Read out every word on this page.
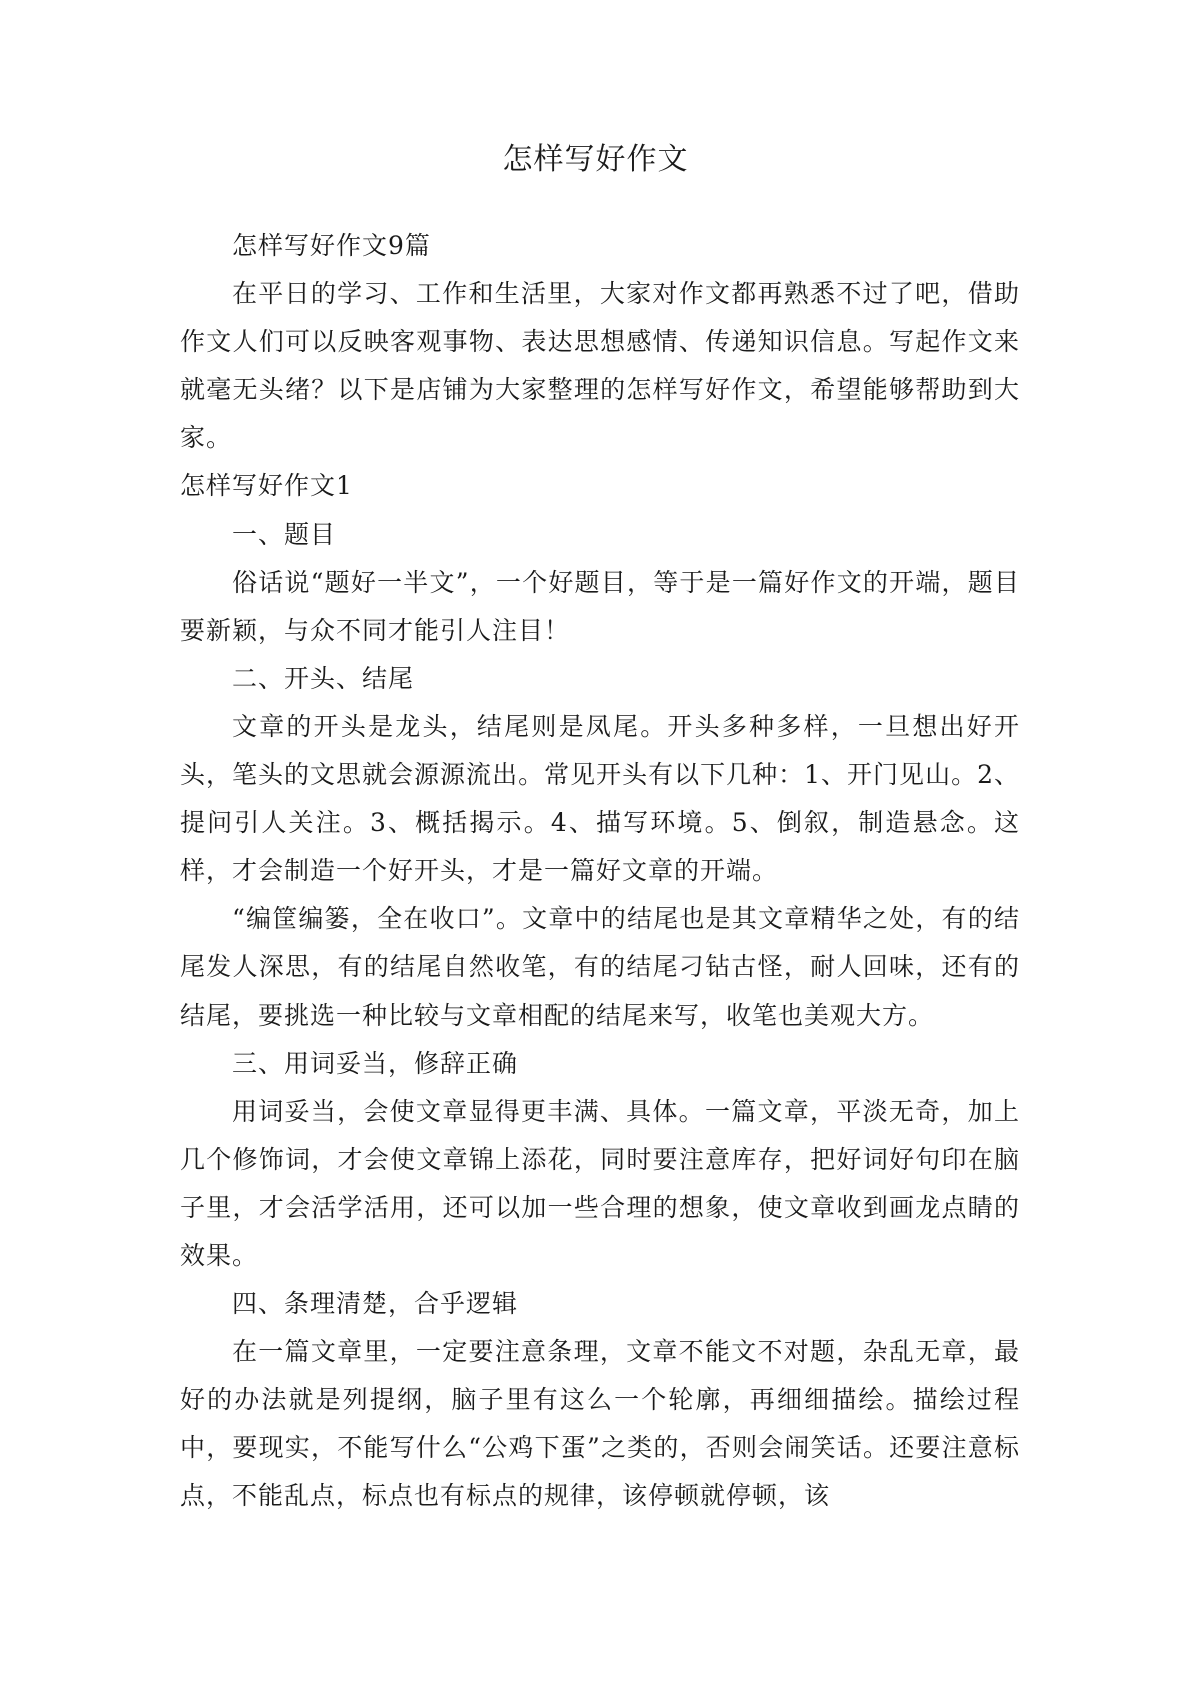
怎样写好作文

怎样写好作文9篇

在平日的学习、工作和生活里，大家对作文都再熟悉不过了吧，借助作文人们可以反映客观事物、表达思想感情、传递知识信息。写起作文来就毫无头绪？以下是店铺为大家整理的怎样写好作文，希望能够帮助到大家。

怎样写好作文1

一、题目

俗话说“题好一半文”，一个好题目，等于是一篇好作文的开端，题目要新颖，与众不同才能引人注目！

二、开头、结尾

文章的开头是龙头，结尾则是凤尾。开头多种多样，一旦想出好开头，笔头的文思就会源源流出。常见开头有以下几种：1、开门见山。2、提问引人关注。3、概括揭示。4、描写环境。5、倒叙，制造悬念。这样，才会制造一个好开头，才是一篇好文章的开端。

“编筐编篓，全在收口”。文章中的结尾也是其文章精华之处，有的结尾发人深思，有的结尾自然收笔，有的结尾刁钻古怪，耐人回味，还有的结尾，要挑选一种比较与文章相配的结尾来写，收笔也美观大方。

三、用词妥当，修辞正确

用词妥当，会使文章显得更丰满、具体。一篇文章，平淡无奇，加上几个修饰词，才会使文章锦上添花，同时要注意库存，把好词好句印在脑子里，才会活学活用，还可以加一些合理的想象，使文章收到画龙点睛的效果。

四、条理清楚，合乎逻辑

在一篇文章里，一定要注意条理，文章不能文不对题，杂乱无章，最好的办法就是列提纲，脑子里有这么一个轮廓，再细细描绘。描绘过程中，要现实，不能写什么“公鸡下蛋”之类的，否则会闹笑话。还要注意标点，不能乱点，标点也有标点的规律，该停顿就停顿，该
